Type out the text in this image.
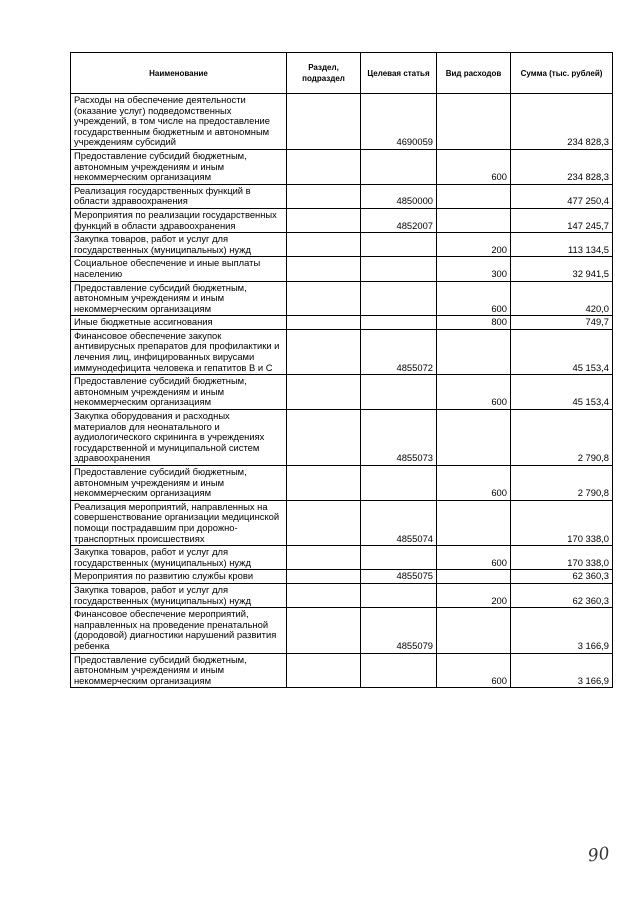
Наименование	Раздел, подраздел	Целевая статья	Вид расходов	Сумма (тыс. рублей)
Расходы на обеспечение деятельности (оказание услуг) подведомственных учреждений, в том числе на предоставление государственным бюджетным и автономным учреждениям субсидий		4690059		234 828,3
Предоставление субсидий бюджетным, автономным учреждениям и иным некоммерческим организациям			600	234 828,3
Реализация государственных функций в области здравоохранения		4850000		477 250,4
Мероприятия по реализации государственных функций в области здравоохранения		4852007		147 245,7
Закупка товаров, работ и услуг для государственных (муниципальных) нужд			200	113 134,5
Социальное обеспечение и иные выплаты населению			300	32 941,5
Предоставление субсидий бюджетным, автономным учреждениям и иным некоммерческим организациям			600	420,0
Иные бюджетные ассигнования			800	749,7
Финансовое обеспечение закупок антивирусных препаратов для профилактики и лечения лиц, инфицированных вирусами иммунодефицита человека и гепатитов В и С		4855072		45 153,4
Предоставление субсидий бюджетным, автономным учреждениям и иным некоммерческим организациям			600	45 153,4
Закупка оборудования и расходных материалов для неонатального и аудиологического скрининга в учреждениях государственной и муниципальной систем здравоохранения		4855073		2 790,8
Предоставление субсидий бюджетным, автономным учреждениям и иным некоммерческим организациям			600	2 790,8
Реализация мероприятий, направленных на совершенствование организации медицинской помощи пострадавшим при дорожно- транспортных происшествиях		4855074		170 338,0
Закупка товаров, работ и услуг для государственных (муниципальных) нужд			600	170 338,0
Мероприятия по развитию службы крови		4855075		62 360,3
Закупка товаров, работ и услуг для государственных (муниципальных) нужд			200	62 360,3
Финансовое обеспечение мероприятий, направленных на проведение пренатальной (дородовой) диагностики нарушений развития ребенка		4855079		3 166,9
Предоставление субсидий бюджетным, автономным учреждениям и иным некоммерческим организациям			600	3 166,9
90
